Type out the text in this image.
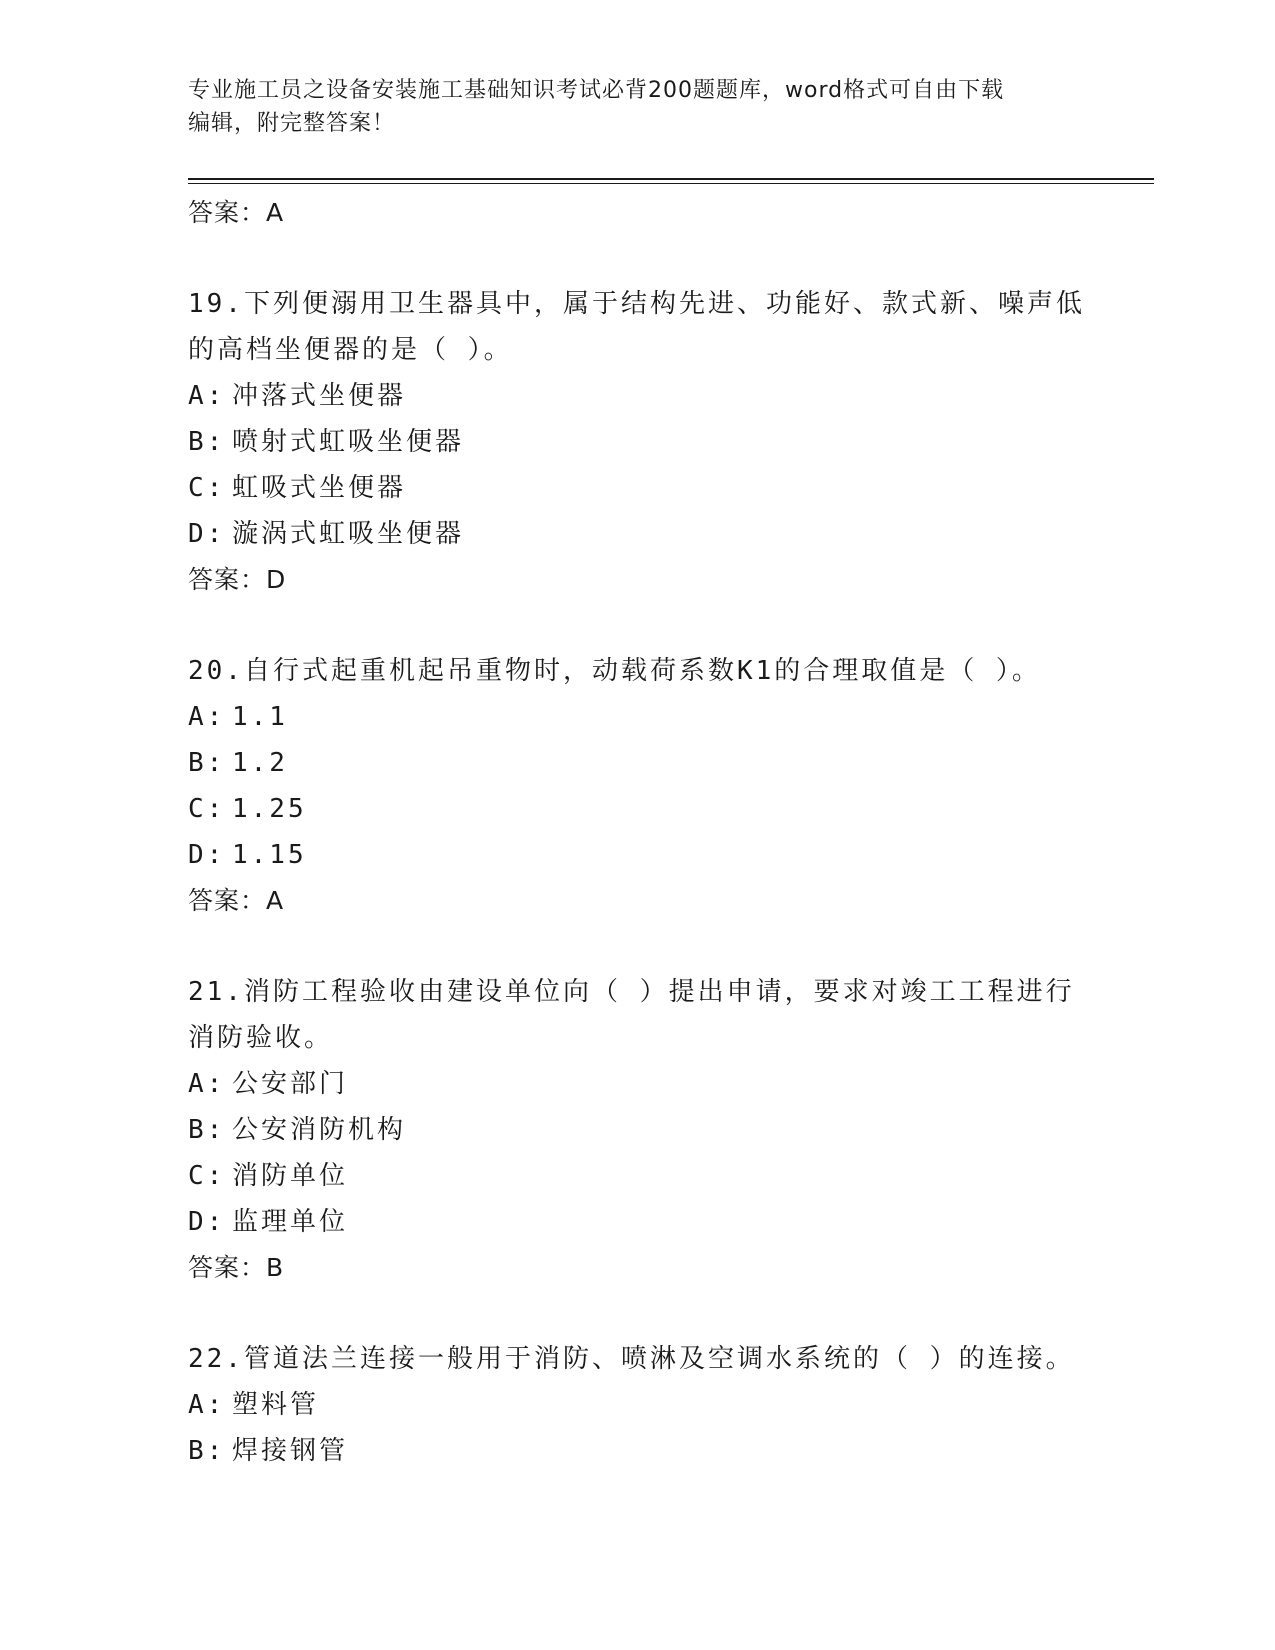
专业施工员之设备安装施工基础知识考试必背200题题库，word格式可自由下载
编辑，附完整答案！
答案：A
19.下列便溺用卫生器具中，属于结构先进、功能好、款式新、噪声低
的高档坐便器的是（ ）。
A: 冲落式坐便器
B: 喷射式虹吸坐便器
C: 虹吸式坐便器
D: 漩涡式虹吸坐便器
答案：D
20.自行式起重机起吊重物时，动载荷系数K1的合理取值是（ ）。
A: 1.1
B: 1.2
C: 1.25
D: 1.15
答案：A
21.消防工程验收由建设单位向（ ）提出申请，要求对竣工工程进行
消防验收。
A: 公安部门
B: 公安消防机构
C: 消防单位
D: 监理单位
答案：B
22.管道法兰连接一般用于消防、喷淋及空调水系统的（ ）的连接。
A: 塑料管
B: 焊接钢管
